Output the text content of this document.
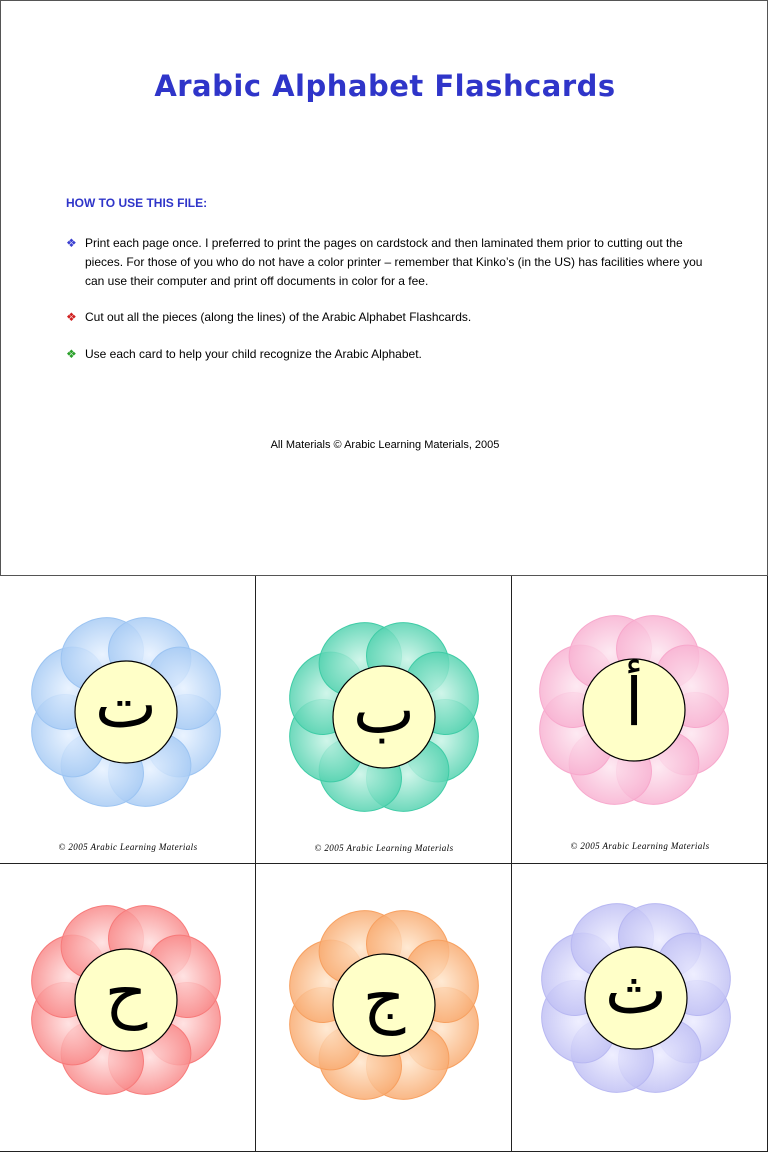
Arabic Alphabet Flashcards
HOW TO USE THIS FILE:
❖ Print each page once. I preferred to print the pages on cardstock and then laminated them prior to cutting out the pieces. For those of you who do not have a color printer – remember that Kinko’s (in the US) has facilities where you can use their computer and print off documents in color for a fee.
❖ Cut out all the pieces (along the lines) of the Arabic Alphabet Flashcards.
❖ Use each card to help your child recognize the Arabic Alphabet.
All Materials © Arabic Learning Materials, 2005
ت
© 2005 Arabic Learning Materials
ب
© 2005 Arabic Learning Materials
أ
© 2005 Arabic Learning Materials
ح	ج	ث
